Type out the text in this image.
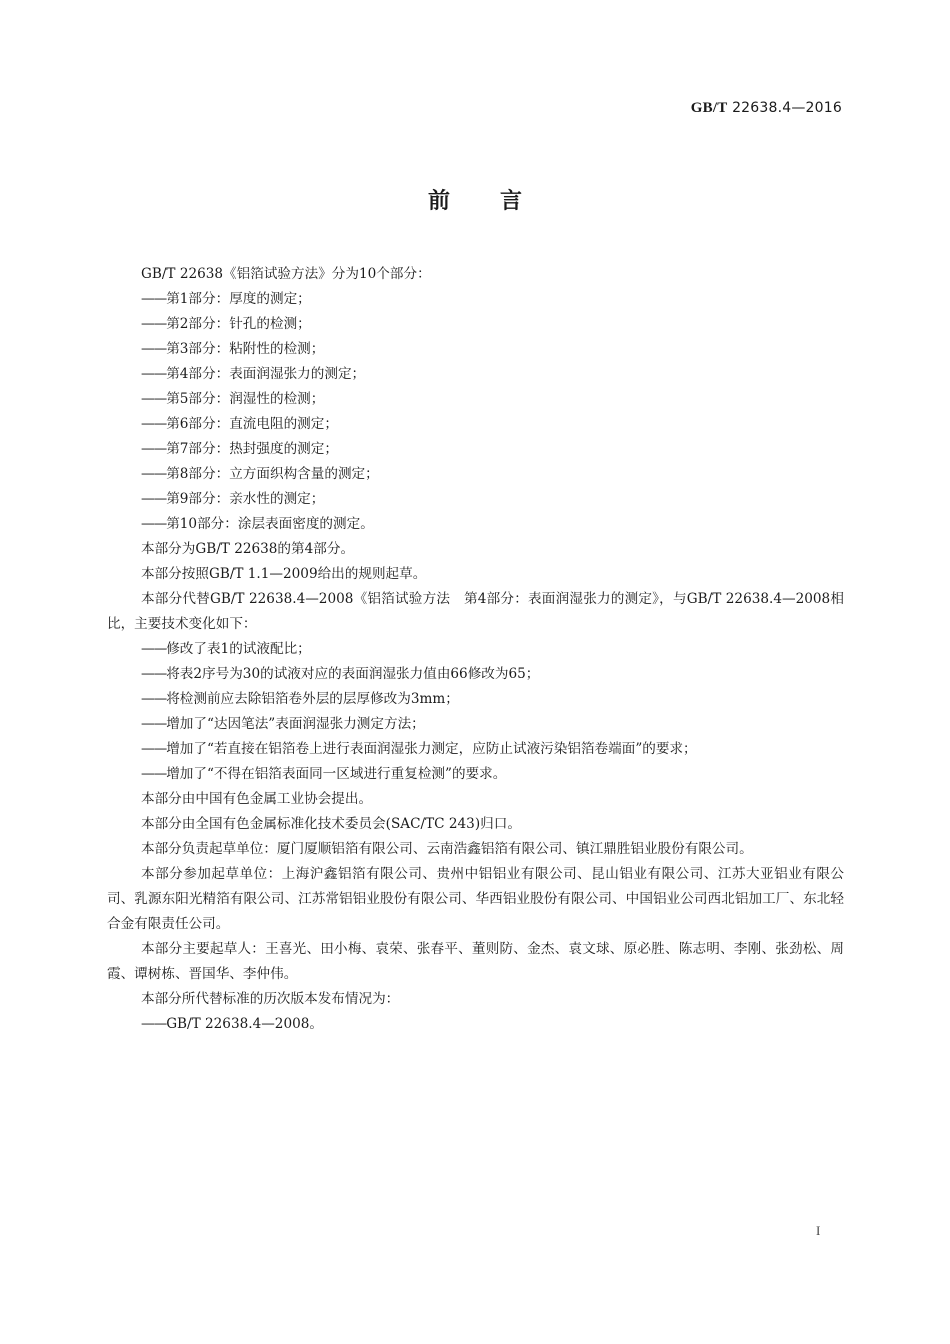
GB/T 22638.4—2016
前言

GB/T 22638《铝箔试验方法》分为10个部分：

——第1部分：厚度的测定；

——第2部分：针孔的检测；

——第3部分：粘附性的检测；

——第4部分：表面润湿张力的测定；

——第5部分：润湿性的检测；

——第6部分：直流电阻的测定；

——第7部分：热封强度的测定；

——第8部分：立方面织构含量的测定；

——第9部分：亲水性的测定；

——第10部分：涂层表面密度的测定。

本部分为GB/T 22638的第4部分。

本部分按照GB/T 1.1—2009给出的规则起草。

本部分代替GB/T 22638.4—2008《铝箔试验方法　第4部分：表面润湿张力的测定》，与GB/T 22638.4—2008相比，主要技术变化如下：

——修改了表1的试液配比；

——将表2序号为30的试液对应的表面润湿张力值由66修改为65；

——将检测前应去除铝箔卷外层的层厚修改为3mm；

——增加了“达因笔法”表面润湿张力测定方法；

——增加了“若直接在铝箔卷上进行表面润湿张力测定，应防止试液污染铝箔卷端面”的要求；

——增加了“不得在铝箔表面同一区域进行重复检测”的要求。

本部分由中国有色金属工业协会提出。

本部分由全国有色金属标准化技术委员会(SAC/TC 243)归口。

本部分负责起草单位：厦门厦顺铝箔有限公司、云南浩鑫铝箔有限公司、镇江鼎胜铝业股份有限公司。

本部分参加起草单位：上海沪鑫铝箔有限公司、贵州中铝铝业有限公司、昆山铝业有限公司、江苏大亚铝业有限公司、乳源东阳光精箔有限公司、江苏常铝铝业股份有限公司、华西铝业股份有限公司、中国铝业公司西北铝加工厂、东北轻合金有限责任公司。

本部分主要起草人：王喜光、田小梅、袁荣、张春平、董则防、金杰、袁文球、原必胜、陈志明、李刚、张劲松、周霞、谭树栋、晋国华、李仲伟。

本部分所代替标准的历次版本发布情况为：

——GB/T 22638.4—2008。

I
